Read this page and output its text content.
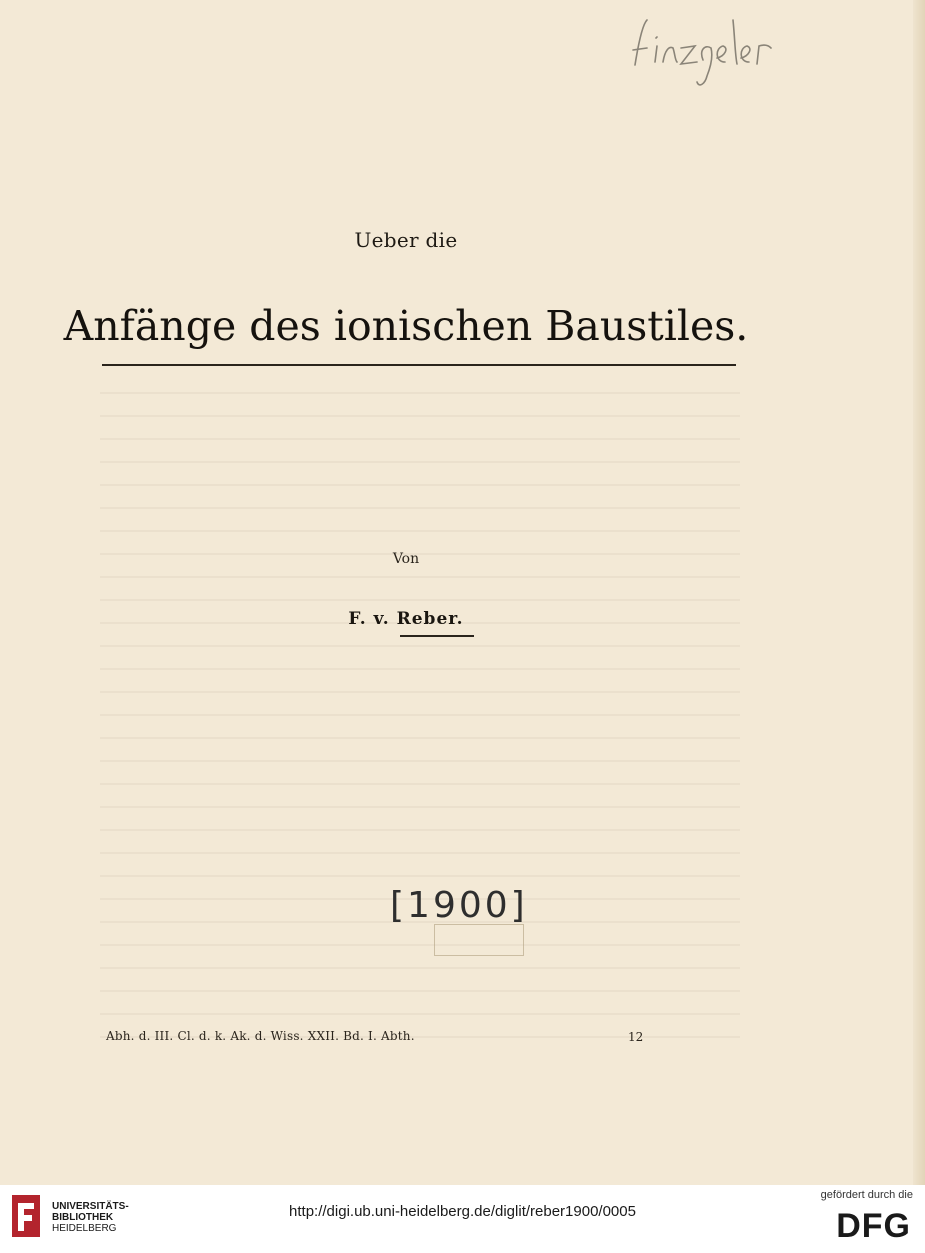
Ueber die
Anfänge des ionischen Baustiles.
Von
F. v. Reber.
[1900]
Abh. d. III. Cl. d. k. Ak. d. Wiss. XXII. Bd. I. Abth.	12
UNIVERSITÄTS-
BIBLIOTHEK
HEIDELBERG
http://digi.ub.uni-heidelberg.de/diglit/reber1900/0005
gefördert durch die
DFG
